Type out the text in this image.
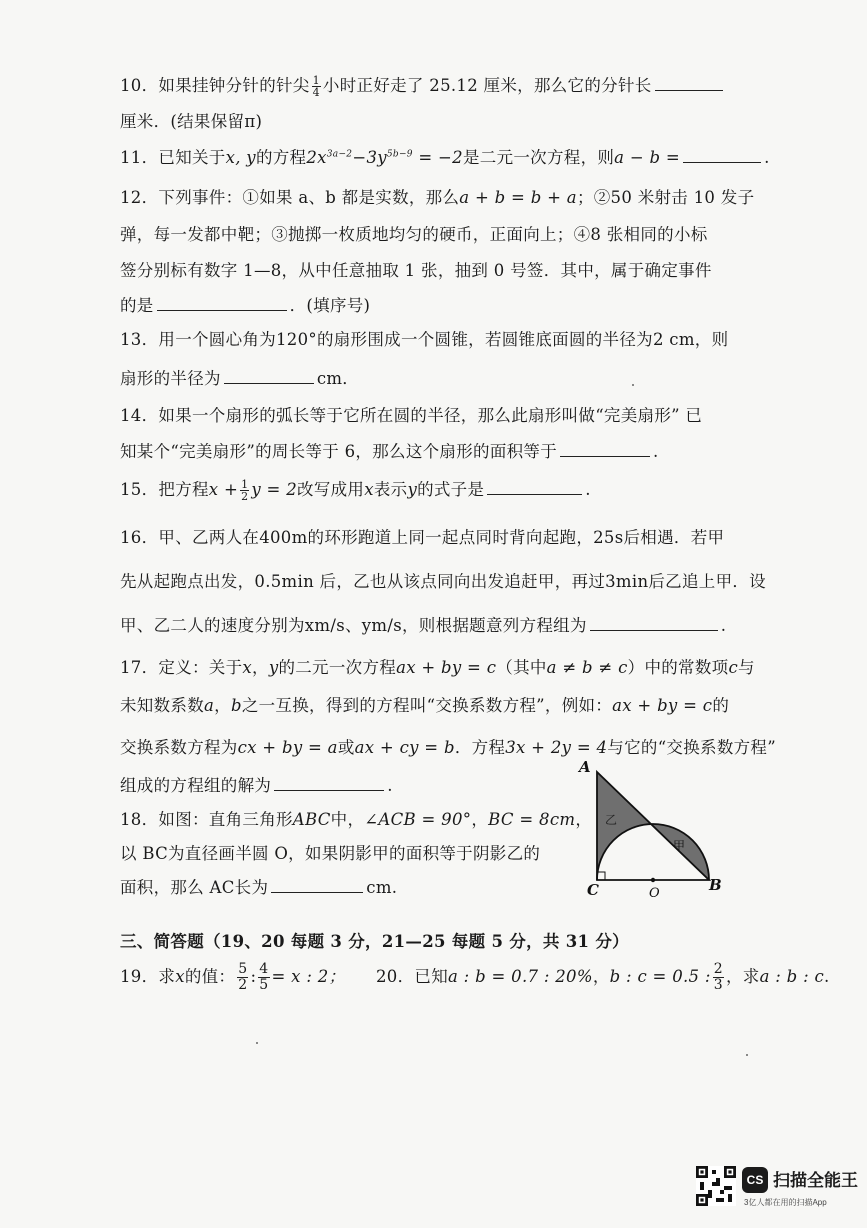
10．如果挂钟分针的针尖 $\frac{1}{4}$ 小时正好走了 25.12 厘米，那么它的分针长
厘米．(结果保留π)
11．已知关于x, y的方程$2x^{3a-2}-3y^{5b-9} = -2$是二元一次方程，则a − b =	.
12．下列事件：①如果 a、b 都是实数，那么a + b = b + a；②50 米射击 10 发子
弹，每一发都中靶；③抛掷一枚质地均匀的硬币，正面向上；④8 张相同的小标
签分别标有数字 1—8，从中任意抽取 1 张，抽到 0 号签．其中，属于确定事件
的是	．(填序号)
13．用一个圆心角为120°的扇形围成一个圆锥，若圆锥底面圆的半径为2 cm，则
扇形的半径为	cm．
14．如果一个扇形的弧长等于它所在圆的半径，那么此扇形叫做“完美扇形” 已
知某个“完美扇形”的周长等于 6，那么这个扇形的面积等于	.
15．把方程$x + \frac{1}{2}$ y = 2改写成用x表示y的式子是	.
16．甲、乙两人在400m的环形跑道上同一起点同时背向起跑，25s后相遇．若甲
先从起跑点出发，0.5min 后，乙也从该点同向出发追赶甲，再过3min后乙追上甲．设
甲、乙二人的速度分别为xm/s、ym/s，则根据题意列方程组为	.
17．定义：关于x，y的二元一次方程ax + by = c（其中a ≠ b ≠ c）中的常数项c与
未知数系数a，b之一互换，得到的方程叫“交换系数方程”，例如：ax + by = c的
交换系数方程为cx + by = a或ax + cy = b．方程3x + 2y = 4与它的“交换系数方程”
组成的方程组的解为	.
18．如图：直角三角形ABC中，∠ACB = 90°，BC = 8cm，
以 BC为直径画半圆 O，如果阴影甲的面积等于阴影乙的
面积，那么 AC长为	cm.
A
C	O	B
乙
甲
三、简答题（19、20 每题 3 分，21—25 每题 5 分，共 31 分）
19．求x的值： $\frac{5}{2}$ : $\frac{4}{5} = x$ : 2； 20．已知a : b = 0.7 : 20%，b : c = 0.5 : $\frac{2}{3}$ ，求a : b : c.
CS 扫描全能王
3亿人都在用的扫描App
